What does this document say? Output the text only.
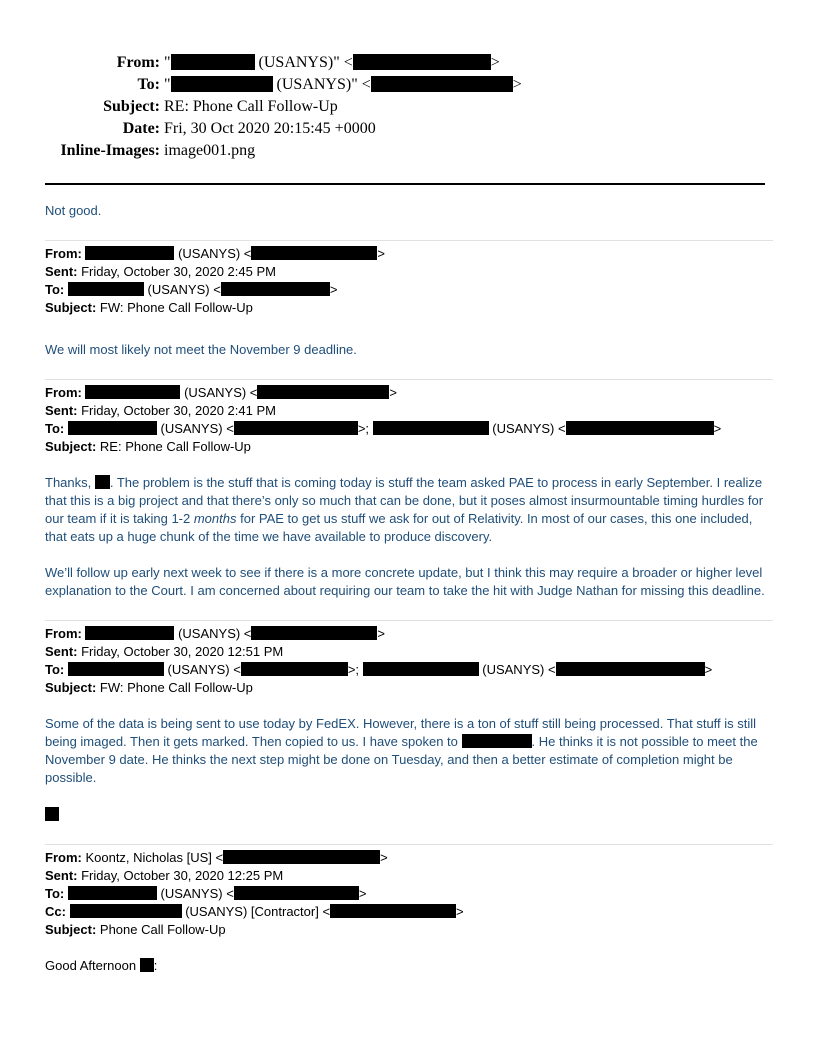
From: "	(USANYS)" <	>
To: "	(USANYS)" <	>
Subject: RE: Phone Call Follow-Up
Date: Fri, 30 Oct 2020 20:15:45 +0000
Inline-Images: image001.png

Not good.

From:	(USANYS) <	>
Sent: Friday, October 30, 2020 2:45 PM
To:	(USANYS) <	>
Subject: FW: Phone Call Follow-Up

We will most likely not meet the November 9 deadline.

From:	(USANYS) <	>
Sent: Friday, October 30, 2020 2:41 PM
To:	(USANYS) <	>;	(USANYS) <	>
Subject: RE: Phone Call Follow-Up

Thanks, . The problem is the stuff that is coming today is stuff the team asked PAE to process in early September. I realize that this is a big project and that there’s only so much that can be done, but it poses almost insurmountable timing hurdles for our team if it is taking 1-2 months for PAE to get us stuff we ask for out of Relativity. In most of our cases, this one included, that eats up a huge chunk of the time we have available to produce discovery.

We’ll follow up early next week to see if there is a more concrete update, but I think this may require a broader or higher level explanation to the Court. I am concerned about requiring our team to take the hit with Judge Nathan for missing this deadline.

From:	(USANYS) <	>
Sent: Friday, October 30, 2020 12:51 PM
To:	(USANYS) <	>;	(USANYS) <	>
Subject: FW: Phone Call Follow-Up

Some of the data is being sent to use today by FedEX. However, there is a ton of stuff still being processed. That stuff is still being imaged. Then it gets marked. Then copied to us. I have spoken to	. He thinks it is not possible to meet the November 9 date. He thinks the next step might be done on Tuesday, and then a better estimate of completion might be possible.

From: Koontz, Nicholas [US] <	>
Sent: Friday, October 30, 2020 12:25 PM
To:	(USANYS) <	>
Cc:	(USANYS) [Contractor] <	>
Subject: Phone Call Follow-Up

Good Afternoon :
